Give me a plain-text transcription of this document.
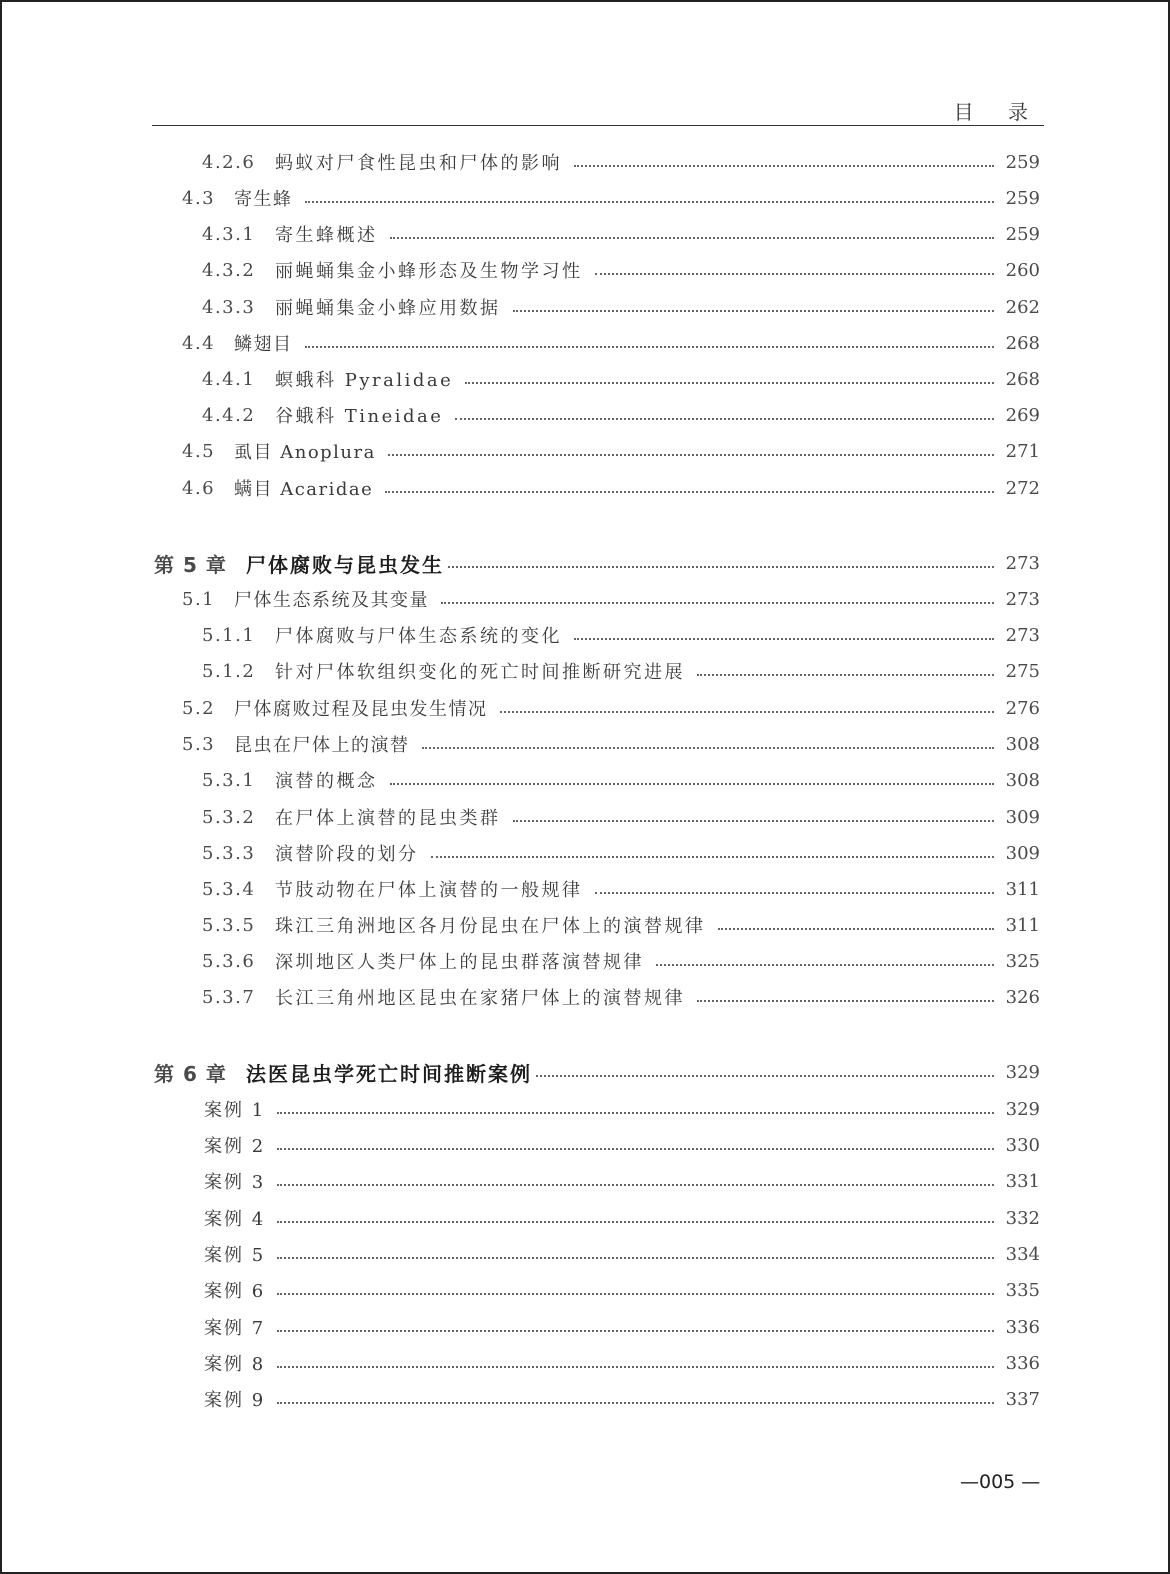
目 录
4.2.6	蚂蚁对尸食性昆虫和尸体的影响	259
4.3	寄生蜂	259
4.3.1	寄生蜂概述	259
4.3.2	丽蝇蛹集金小蜂形态及生物学习性	260
4.3.3	丽蝇蛹集金小蜂应用数据	262
4.4	鳞翅目	268
4.4.1	螟蛾科 Pyralidae	268
4.4.2	谷蛾科 Tineidae	269
4.5	虱目 Anoplura	271
4.6	螨目 Acaridae	272
第 5 章 尸体腐败与昆虫发生	273
5.1	尸体生态系统及其变量	273
5.1.1	尸体腐败与尸体生态系统的变化	273
5.1.2	针对尸体软组织变化的死亡时间推断研究进展	275
5.2	尸体腐败过程及昆虫发生情况	276
5.3	昆虫在尸体上的演替	308
5.3.1	演替的概念	308
5.3.2	在尸体上演替的昆虫类群	309
5.3.3	演替阶段的划分	309
5.3.4	节肢动物在尸体上演替的一般规律	311
5.3.5	珠江三角洲地区各月份昆虫在尸体上的演替规律	311
5.3.6	深圳地区人类尸体上的昆虫群落演替规律	325
5.3.7	长江三角州地区昆虫在家猪尸体上的演替规律	326
第 6 章 法医昆虫学死亡时间推断案例	329
案例 1	329
案例 2	330
案例 3	331
案例 4	332
案例 5	334
案例 6	335
案例 7	336
案例 8	336
案例 9	337
—005 —
